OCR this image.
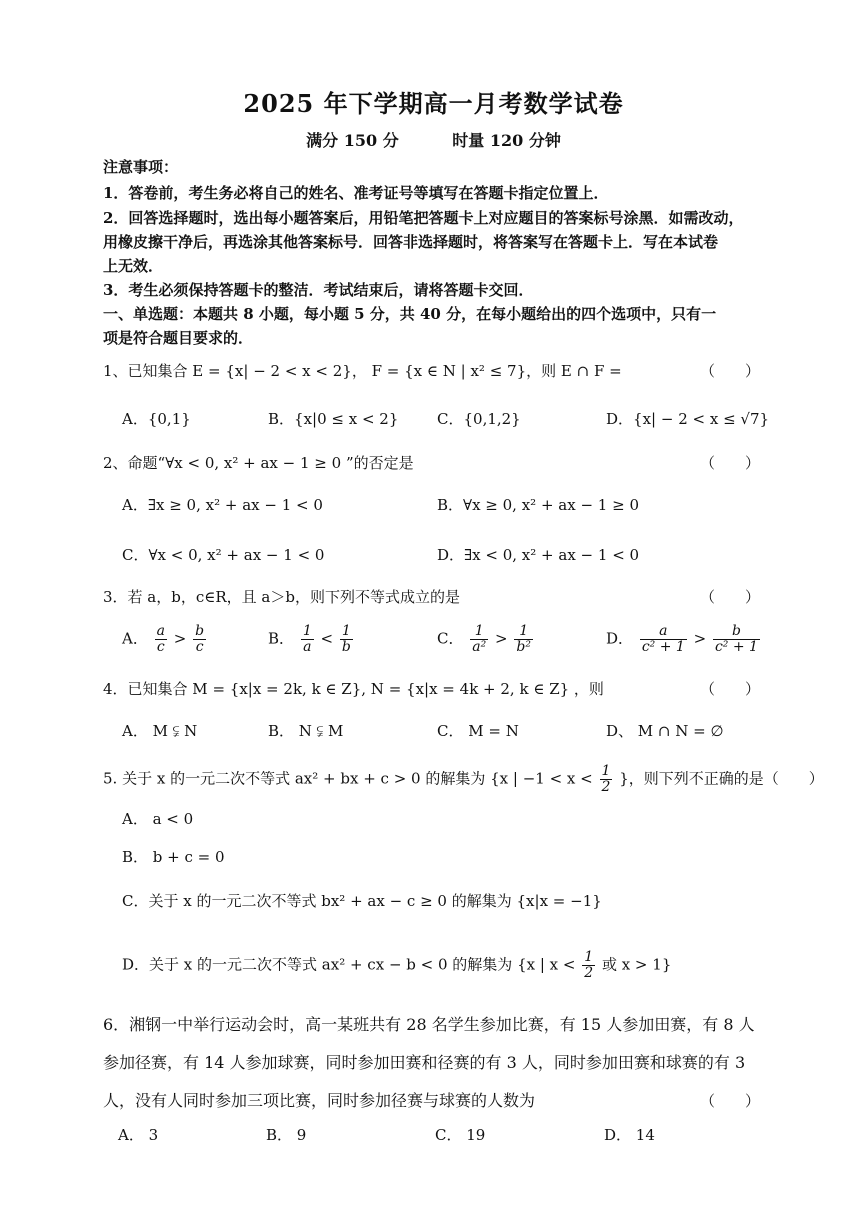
2025 年下学期高一月考数学试卷
满分 150 分	时量 120 分钟
注意事项：
1．答卷前，考生务必将自己的姓名、准考证号等填写在答题卡指定位置上．
2．回答选择题时，选出每小题答案后，用铅笔把答题卡上对应题目的答案标号涂黑．如需改动，
用橡皮擦干净后，再选涂其他答案标号．回答非选择题时，将答案写在答题卡上．写在本试卷
上无效．
3．考生必须保持答题卡的整洁．考试结束后，请将答题卡交回．
一、单选题：本题共 8 小题，每小题 5 分，共 40 分，在每小题给出的四个选项中，只有一
项是符合题目要求的．
1、已知集合 E = {x| − 2 < x < 2}， F = {x ∈ N | x² ≤ 7}，则 E ∩ F =	（　　）
A．{0,1}	B．{x|0 ≤ x < 2}	C．{0,1,2}	D．{x| − 2 < x ≤ √7}
2、命题“∀x < 0, x² + ax − 1 ≥ 0 ”的否定是	（　　）
A．∃x ≥ 0, x² + ax − 1 < 0	B．∀x ≥ 0, x² + ax − 1 ≥ 0
C．∀x < 0, x² + ax − 1 < 0	D．∃x < 0, x² + ax − 1 < 0
3．若 a，b，c∈R，且 a＞b，则下列不等式成立的是	（　　）
A． $\frac{a}{c} > \frac{b}{c}$	B． $\frac{1}{a} < \frac{1}{b}$	C． $\frac{1}{\text{a²}} > \frac{1}{\text{b²}}$	D． $\frac{a}{\text{c² + 1}} > \frac{b}{\text{c² + 1}}$
4．已知集合 M = {x|x = 2k, k ∈ Z}, N = {x|x = 4k + 2, k ∈ Z} ，则	（　　）
A． M ⫋ N	B． N ⫋ M	C． M = N	D、 M ∩ N = ∅
5. 关于 x 的一元二次不等式 ax² + bx + c > 0 的解集为 {x | $-1 < x < \frac{1}{2}$ }，则下列不正确的是（　　）
A． a < 0
B． b + c = 0
C．关于 x 的一元二次不等式 bx² + ax − c ≥ 0 的解集为 {x|x = −1}
D．关于 x 的一元二次不等式 ax² + cx − b < 0 的解集为 {x | $x < \frac{1}{2}$ 或 x > 1}
6．湘钢一中举行运动会时，高一某班共有 28 名学生参加比赛，有 15 人参加田赛，有 8 人
参加径赛，有 14 人参加球赛，同时参加田赛和径赛的有 3 人，同时参加田赛和球赛的有 3
人，没有人同时参加三项比赛，同时参加径赛与球赛的人数为	（　　）
A． 3	B． 9	C． 19	D． 14
